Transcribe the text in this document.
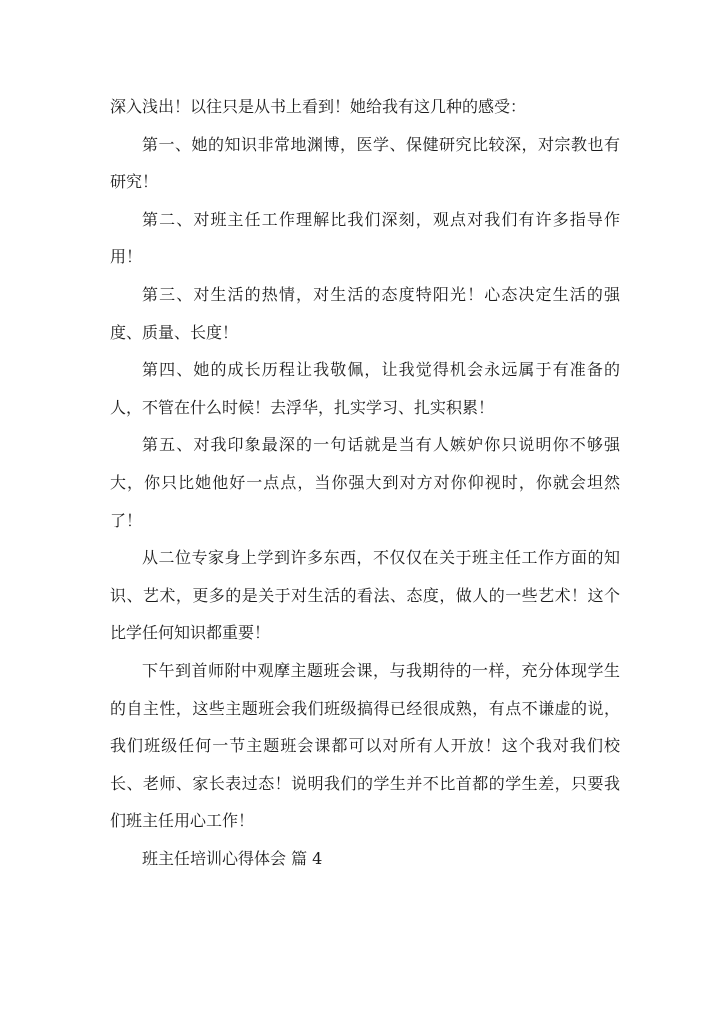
深入浅出！以往只是从书上看到！她给我有这几种的感受：

第一、她的知识非常地渊博，医学、保健研究比较深，对宗教也有研究！

第二、对班主任工作理解比我们深刻，观点对我们有许多指导作用！

第三、对生活的热情，对生活的态度特阳光！心态决定生活的强度、质量、长度！

第四、她的成长历程让我敬佩，让我觉得机会永远属于有准备的人，不管在什么时候！去浮华，扎实学习、扎实积累！

第五、对我印象最深的一句话就是当有人嫉妒你只说明你不够强大，你只比她他好一点点，当你强大到对方对你仰视时，你就会坦然了！

从二位专家身上学到许多东西，不仅仅在关于班主任工作方面的知识、艺术，更多的是关于对生活的看法、态度，做人的一些艺术！这个比学任何知识都重要！

下午到首师附中观摩主题班会课，与我期待的一样，充分体现学生的自主性，这些主题班会我们班级搞得已经很成熟，有点不谦虚的说，我们班级任何一节主题班会课都可以对所有人开放！这个我对我们校长、老师、家长表过态！说明我们的学生并不比首都的学生差，只要我们班主任用心工作！

班主任培训心得体会 篇 4
